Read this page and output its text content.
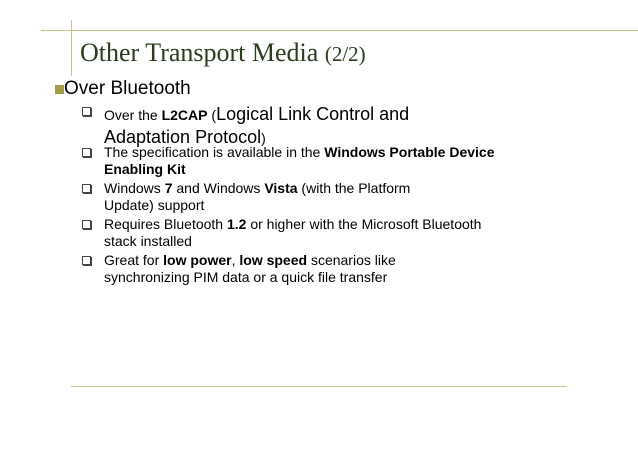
Other Transport Media (2/2)
Over Bluetooth
Over the L2CAP (Logical Link Control and
Adaptation Protocol)
The specification is available in the Windows Portable Device Enabling Kit
Windows 7 and Windows Vista (with the Platform Update) support
Requires Bluetooth 1.2 or higher with the Microsoft Bluetooth stack installed
Great for low power, low speed scenarios like synchronizing PIM data or a quick file transfer
